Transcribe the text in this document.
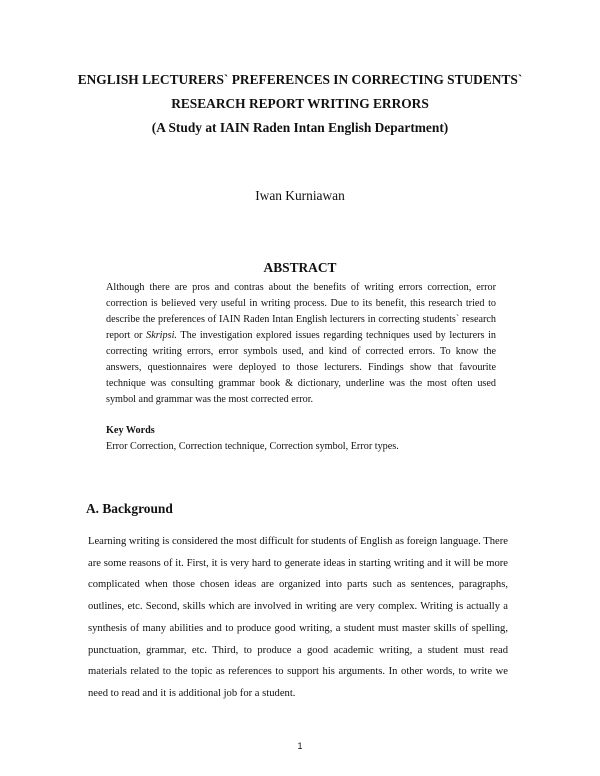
ENGLISH LECTURERS` PREFERENCES IN CORRECTING STUDENTS`
RESEARCH REPORT WRITING ERRORS
(A Study at IAIN Raden Intan English Department)
Iwan Kurniawan
ABSTRACT

Although there are pros and contras about the benefits of writing errors correction, error correction is believed very useful in writing process. Due to its benefit, this research tried to describe the preferences of IAIN Raden Intan English lecturers in correcting students` research report or Skripsi. The investigation explored issues regarding techniques used by lecturers in correcting writing errors, error symbols used, and kind of corrected errors. To know the answers, questionnaires were deployed to those lecturers. Findings show that favourite technique was consulting grammar book & dictionary, underline was the most often used symbol and grammar was the most corrected error.

Key Words
Error Correction, Correction technique, Correction symbol, Error types.
A. Background

Learning writing is considered the most difficult for students of English as foreign language. There are some reasons of it. First, it is very hard to generate ideas in starting writing and it will be more complicated when those chosen ideas are organized into parts such as sentences, paragraphs, outlines, etc. Second, skills which are involved in writing are very complex. Writing is actually a synthesis of many abilities and to produce good writing, a student must master skills of spelling, punctuation, grammar, etc. Third, to produce a good academic writing, a student must read materials related to the topic as references to support his arguments. In other words, to write we need to read and it is additional job for a student.

1
